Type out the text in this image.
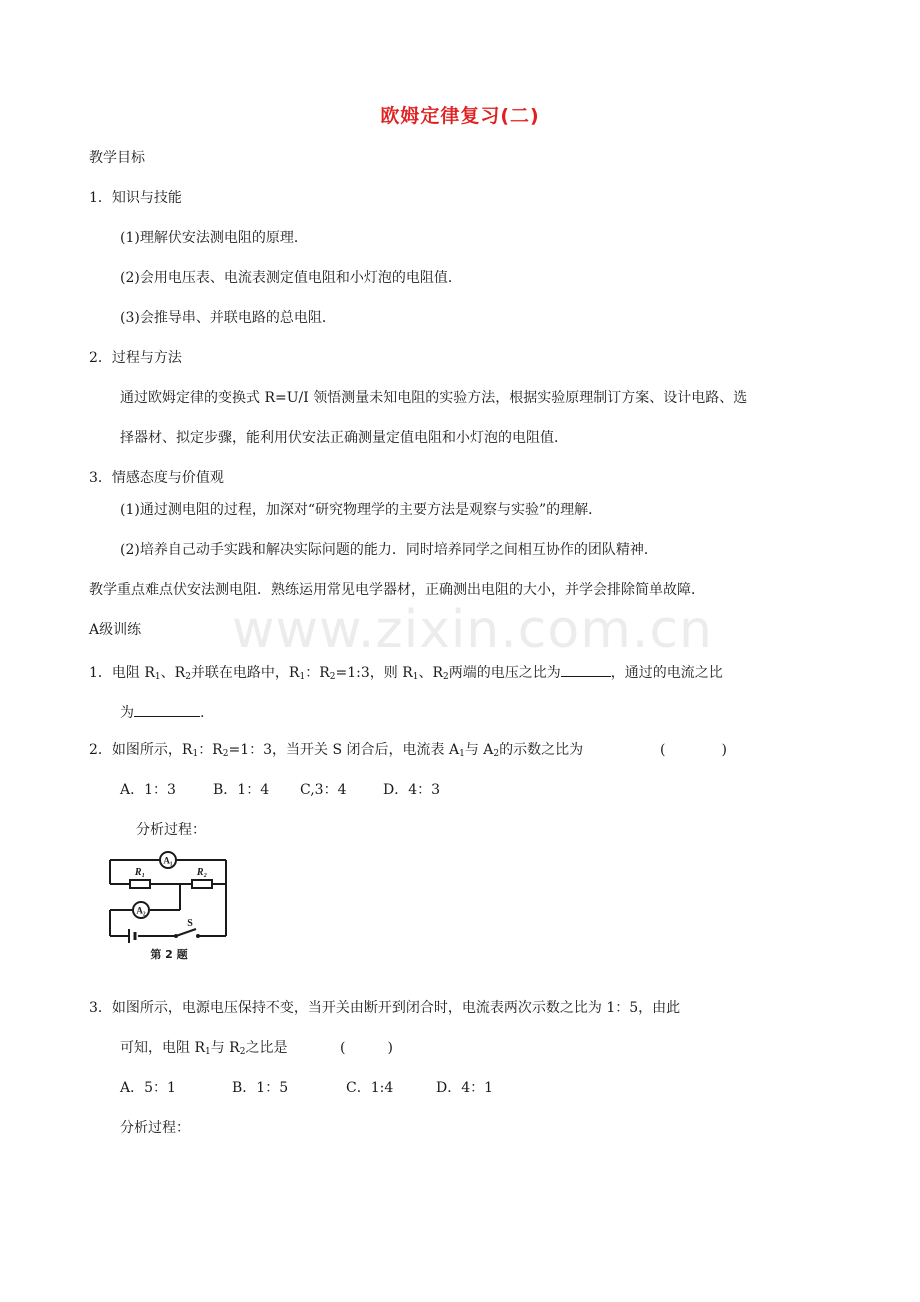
www.zixin.com.cn
欧姆定律复习(二)
教学目标
1．知识与技能
(1)理解伏安法测电阻的原理．
(2)会用电压表、电流表测定值电阻和小灯泡的电阻值．
(3)会推导串、并联电路的总电阻．
2．过程与方法
通过欧姆定律的变换式 R=U/I 领悟测量未知电阻的实验方法，根据实验原理制订方案、设计电路、选
择器材、拟定步骤，能利用伏安法正确测量定值电阻和小灯泡的电阻值．
3．情感态度与价值观
(1)通过测电阻的过程，加深对“研究物理学的主要方法是观察与实验”的理解．
(2)培养自己动手实践和解决实际问题的能力．同时培养同学之间相互协作的团队精神．
教学重点难点伏安法测电阻．熟练运用常见电学器材，正确测出电阻的大小，并学会排除简单故障．
A级训练
1．电阻 $R_1$、$R_2$并联在电路中，$R_1$：$R_2=1:3$，则 $R_1$、$R_2$两端的电压之比为	，通过的电流之比
为	.
2．如图所示，$R_1$：$R_2=1$：3，当开关 S 闭合后，电流表 $A_1$与 $A_2$的示数之比为	(　　　　)
A．1：3	B．1：4 C,3：4	D．4：3
分析过程：
A₁
A₂
R₁	R₂
S
第 2 题
3．如图所示，电源电压保持不变，当开关由断开到闭合时，电流表两次示数之比为 1：5，由此
可知，电阻 $R_1$与 $R_2$之比是	(　　　)
A．5：1	B．1：5	C．1:4	D．4：1
分析过程：
